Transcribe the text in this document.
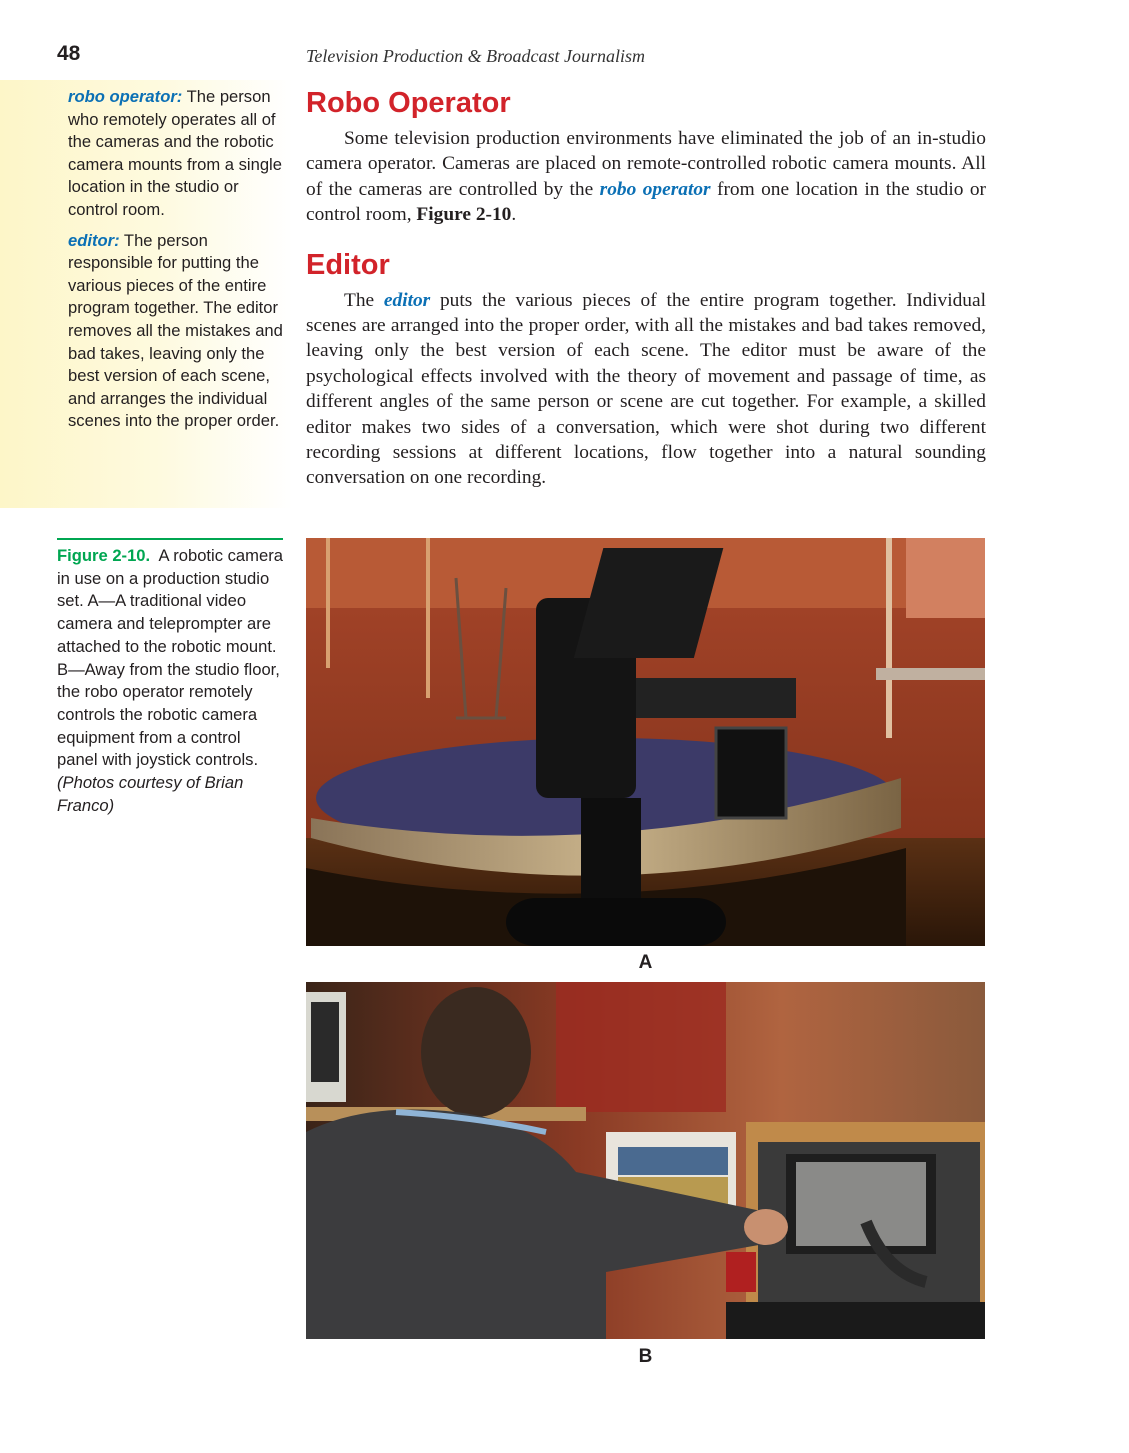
48	Television Production & Broadcast Journalism

robo operator: The person who remotely operates all of the cameras and the robotic camera mounts from a single location in the studio or control room.

editor: The person responsible for putting the various pieces of the entire program together. The editor removes all the mistakes and bad takes, leaving only the best version of each scene, and arranges the individual scenes into the proper order.

Figure 2-10.  A robotic camera in use on a production studio set. A—A traditional video camera and teleprompter are attached to the robotic mount. B—Away from the studio floor, the robo operator remotely controls the robotic camera equipment from a control panel with joystick controls. (Photos courtesy of Brian Franco)
Robo Operator

Some television production environments have eliminated the job of an in-studio camera operator. Cameras are placed on remote-controlled robotic camera mounts. All of the cameras are controlled by the robo operator from one location in the studio or control room, Figure 2-10.

Editor

The editor puts the various pieces of the entire program together. Individual scenes are arranged into the proper order, with all the mistakes and bad takes removed, leaving only the best version of each scene. The editor must be aware of the psychological effects involved with the theory of movement and passage of time, as different angles of the same person or scene are cut together. For example, a skilled editor makes two sides of a conversation, which were shot during two different recording sessions at different locations, flow together into a natural sounding conversation on one recording.

A
B
